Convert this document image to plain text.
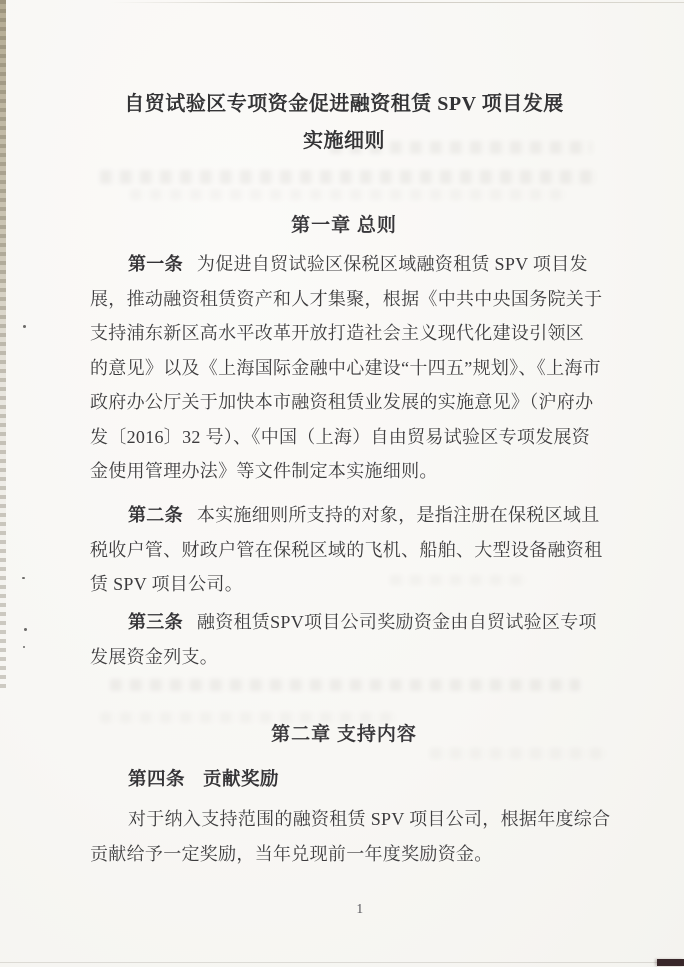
自贸试验区专项资金促进融资租赁 SPV 项目发展
实施细则
第一章 总则
第一条 为促进自贸试验区保税区域融资租赁 SPV 项目发
展，推动融资租赁资产和人才集聚，根据《中共中央国务院关于
支持浦东新区高水平改革开放打造社会主义现代化建设引领区
的意见》以及《上海国际金融中心建设“十四五”规划》、《上海市
政府办公厅关于加快本市融资租赁业发展的实施意见》（沪府办
发〔2016〕32 号）、《中国（上海）自由贸易试验区专项发展资
金使用管理办法》等文件制定本实施细则。
第二条 本实施细则所支持的对象，是指注册在保税区域且
税收户管、财政户管在保税区域的飞机、船舶、大型设备融资租
赁 SPV 项目公司。
第三条 融资租赁SPV项目公司奖励资金由自贸试验区专项
发展资金列支。
第二章 支持内容
第四条 贡献奖励
对于纳入支持范围的融资租赁 SPV 项目公司，根据年度综合
贡献给予一定奖励，当年兑现前一年度奖励资金。
1
